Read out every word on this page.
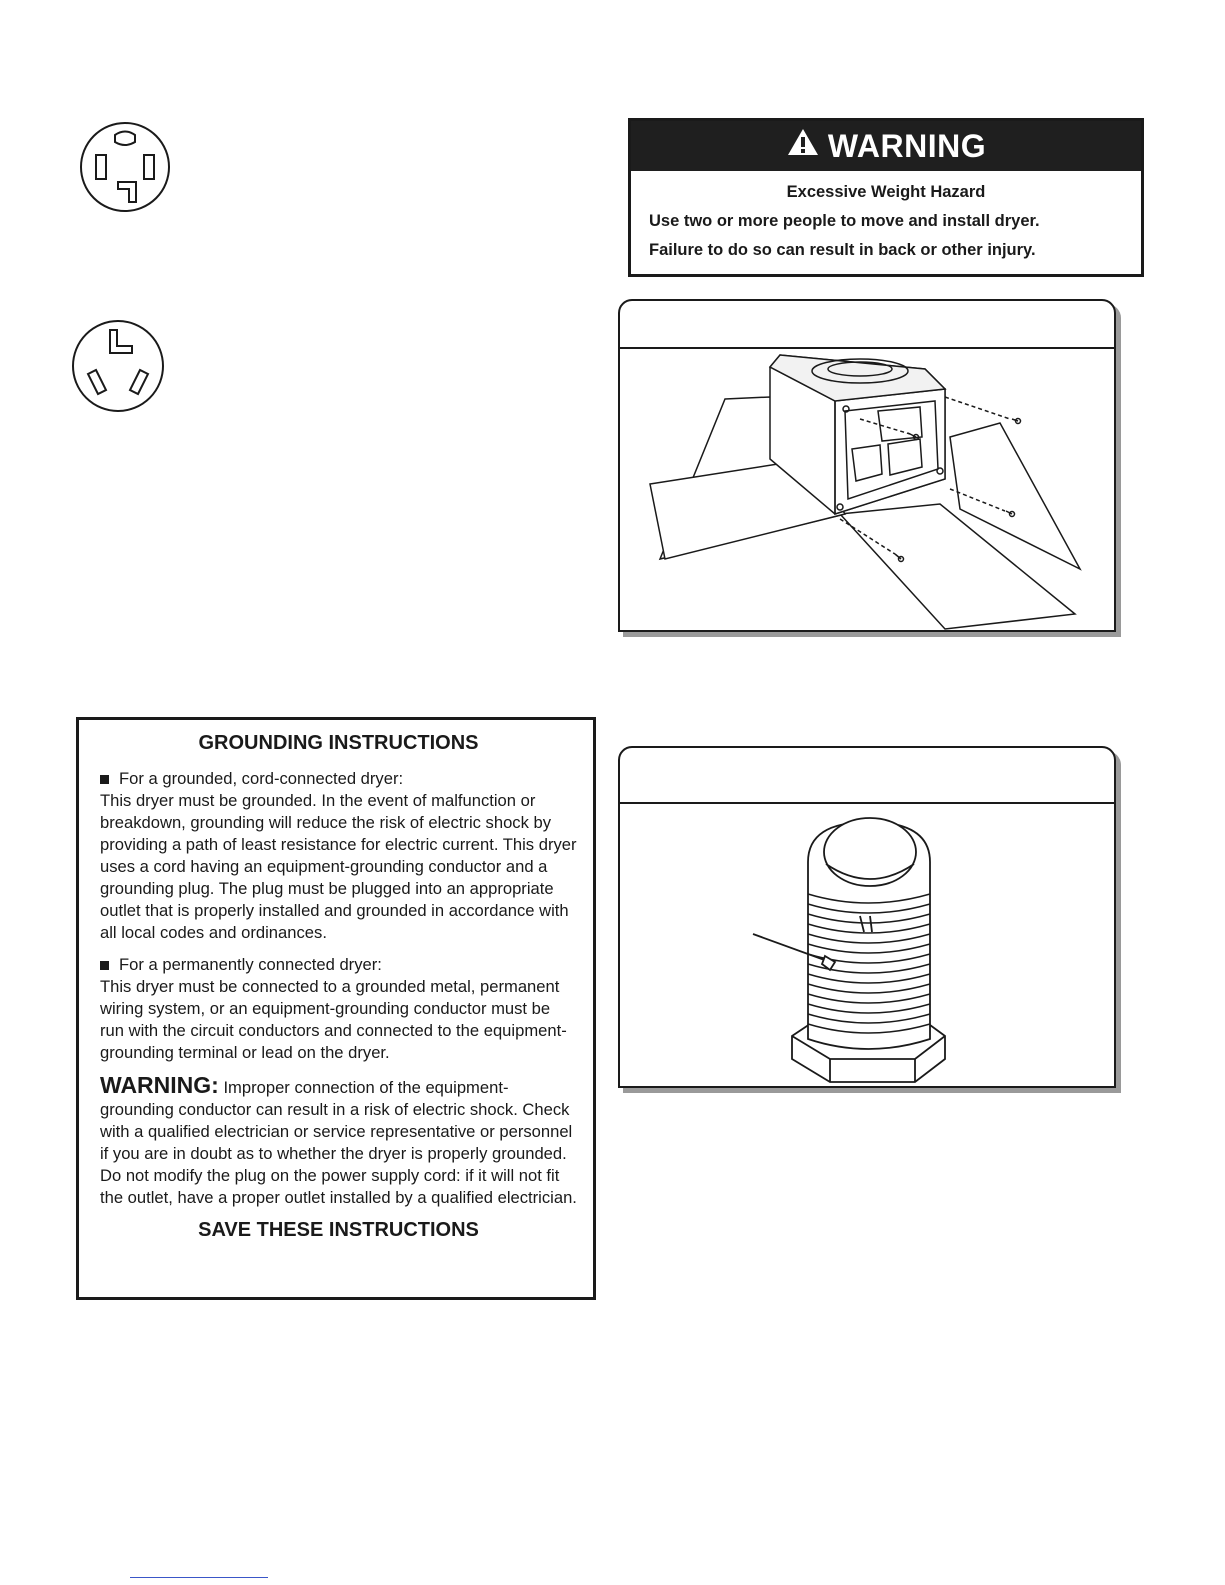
WARNING
Excessive Weight Hazard
Use two or more people to move and install dryer.
Failure to do so can result in back or other injury.
GROUNDING INSTRUCTIONS
For a grounded, cord-connected dryer:
This dryer must be grounded. In the event of malfunction or breakdown, grounding will reduce the risk of electric shock by providing a path of least resistance for electric current. This dryer uses a cord having an equipment-grounding conductor and a grounding plug. The plug must be plugged into an appropriate outlet that is properly installed and grounded in accordance with all local codes and ordinances.
For a permanently connected dryer:
This dryer must be connected to a grounded metal, permanent wiring system, or an equipment-grounding conductor must be run with the circuit conductors and connected to the equipment-grounding terminal or lead on the dryer.
WARNING: Improper connection of the equipment-grounding conductor can result in a risk of electric shock. Check with a qualified electrician or service representative or personnel if you are in doubt as to whether the dryer is properly grounded. Do not modify the plug on the power supply cord: if it will not fit the outlet, have a proper outlet installed by a qualified electrician.
SAVE THESE INSTRUCTIONS
